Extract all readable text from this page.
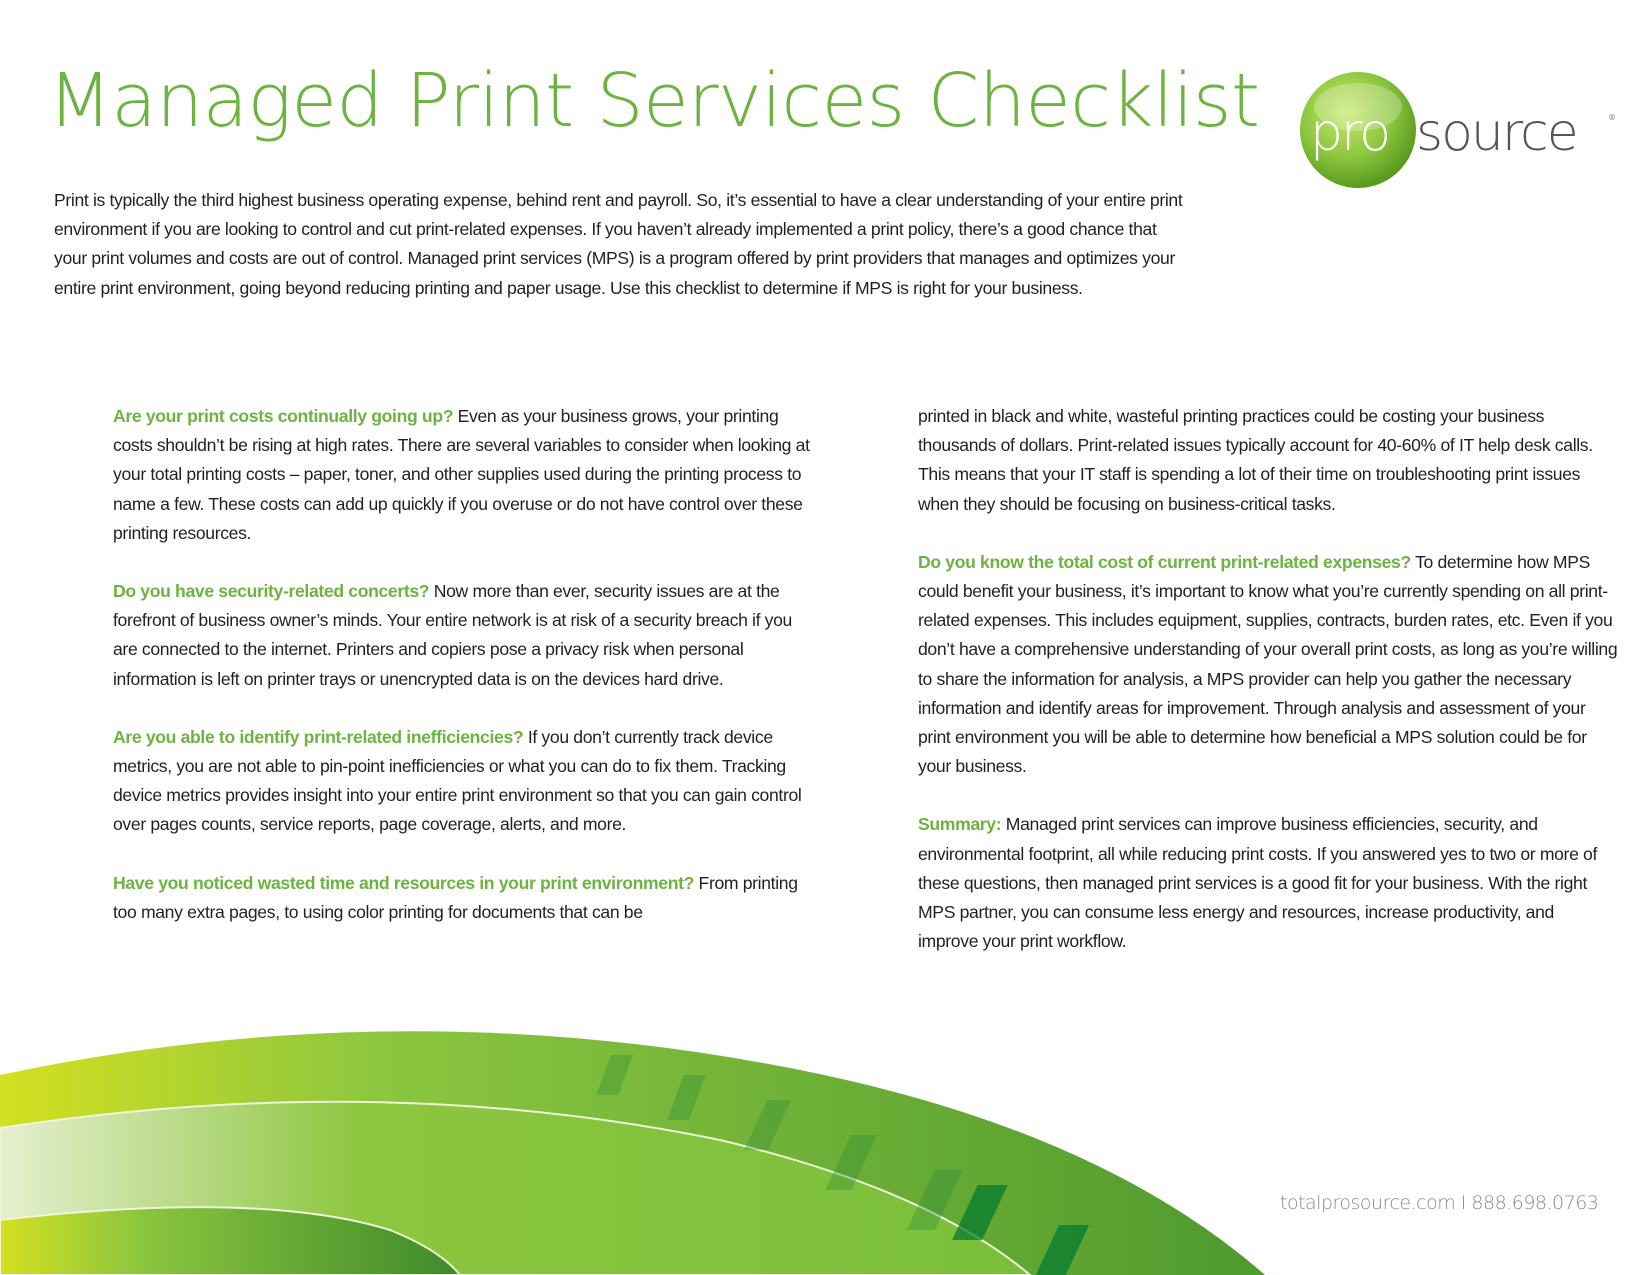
Managed Print Services Checklist pro source	®

Print is typically the third highest business operating expense, behind rent and payroll. So, it’s essential to have a clear understanding of your entire print environment if you are looking to control and cut print-related expenses. If you haven’t already implemented a print policy, there’s a good chance that your print volumes and costs are out of control. Managed print services (MPS) is a program offered by print providers that manages and optimizes your entire print environment, going beyond reducing printing and paper usage. Use this checklist to determine if MPS is right for your business.

Are your print costs continually going up? Even as your business grows, your printing costs shouldn’t be rising at high rates. There are several variables to consider when looking at your total printing costs – paper, toner, and other supplies used during the printing process to name a few. These costs can add up quickly if you overuse or do not have control over these printing resources.

Do you have security-related concerts? Now more than ever, security issues are at the forefront of business owner’s minds. Your entire network is at risk of a security breach if you are connected to the internet. Printers and copiers pose a privacy risk when personal information is left on printer trays or unencrypted data is on the devices hard drive.

Are you able to identify print-related inefficiencies? If you don’t currently track device metrics, you are not able to pin-point inefficiencies or what you can do to fix them. Tracking device metrics provides insight into your entire print environment so that you can gain control over pages counts, service reports, page coverage, alerts, and more.

Have you noticed wasted time and resources in your print environment? From printing too many extra pages, to using color printing for documents that can be

printed in black and white, wasteful printing practices could be costing your business thousands of dollars. Print-related issues typically account for 40-60% of IT help desk calls. This means that your IT staff is spending a lot of their time on troubleshooting print issues when they should be focusing on business-critical tasks.

Do you know the total cost of current print-related expenses? To determine how MPS could benefit your business, it’s important to know what you’re currently spending on all print-related expenses. This includes equipment, supplies, contracts, burden rates, etc. Even if you don’t have a comprehensive understanding of your overall print costs, as long as you’re willing to share the information for analysis, a MPS provider can help you gather the necessary information and identify areas for improvement. Through analysis and assessment of your print environment you will be able to determine how beneficial a MPS solution could be for your business.

Summary: Managed print services can improve business efficiencies, security, and environmental footprint, all while reducing print costs. If you answered yes to two or more of these questions, then managed print services is a good fit for your business. With the right MPS partner, you can consume less energy and resources, increase productivity, and improve your print workflow.

totalprosource.com I 888.698.0763
